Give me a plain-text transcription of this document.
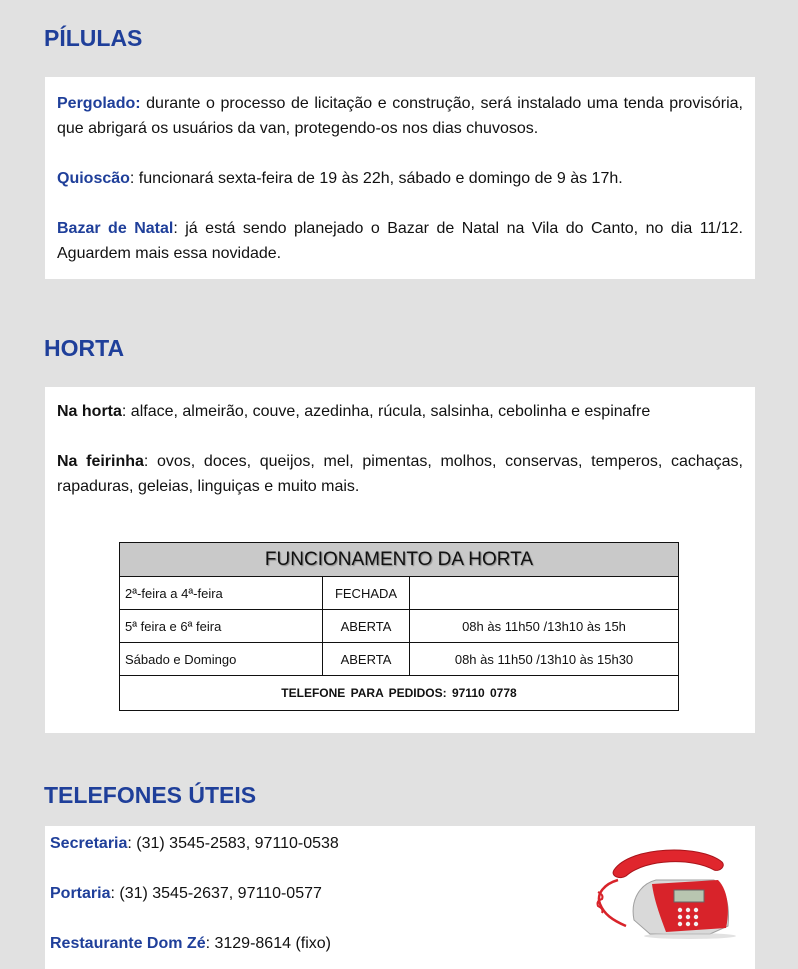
PÍLULAS

Pergolado: durante o processo de licitação e construção, será instalado uma tenda provisória, que abrigará os usuários da van, protegendo-os nos dias chuvosos.

Quioscão: funcionará sexta-feira de 19 às 22h, sábado e domingo de 9 às 17h.

Bazar de Natal: já está sendo planejado o Bazar de Natal na Vila do Canto, no dia 11/12. Aguardem mais essa novidade.

HORTA

Na horta: alface, almeirão, couve, azedinha, rúcula, salsinha, cebolinha e espinafre

Na feirinha: ovos, doces, queijos, mel, pimentas, molhos, conservas, temperos, cachaças, rapaduras, geleias, linguiças e muito mais.

FUNCIONAMENTO DA HORTA		
2ª-feira a 4ª-feira	FECHADA	
5ª feira e 6ª feira	ABERTA	08h às 11h50 /13h10 às 15h
Sábado e Domingo	ABERTA	08h às 11h50 /13h10 às 15h30
TELEFONE PARA PEDIDOS: 97110 0778		
TELEFONES ÚTEIS

Secretaria: (31) 3545-2583, 97110-0538

Portaria: (31) 3545-2637, 97110-0577

Restaurante Dom Zé: 3129-8614 (fixo)
